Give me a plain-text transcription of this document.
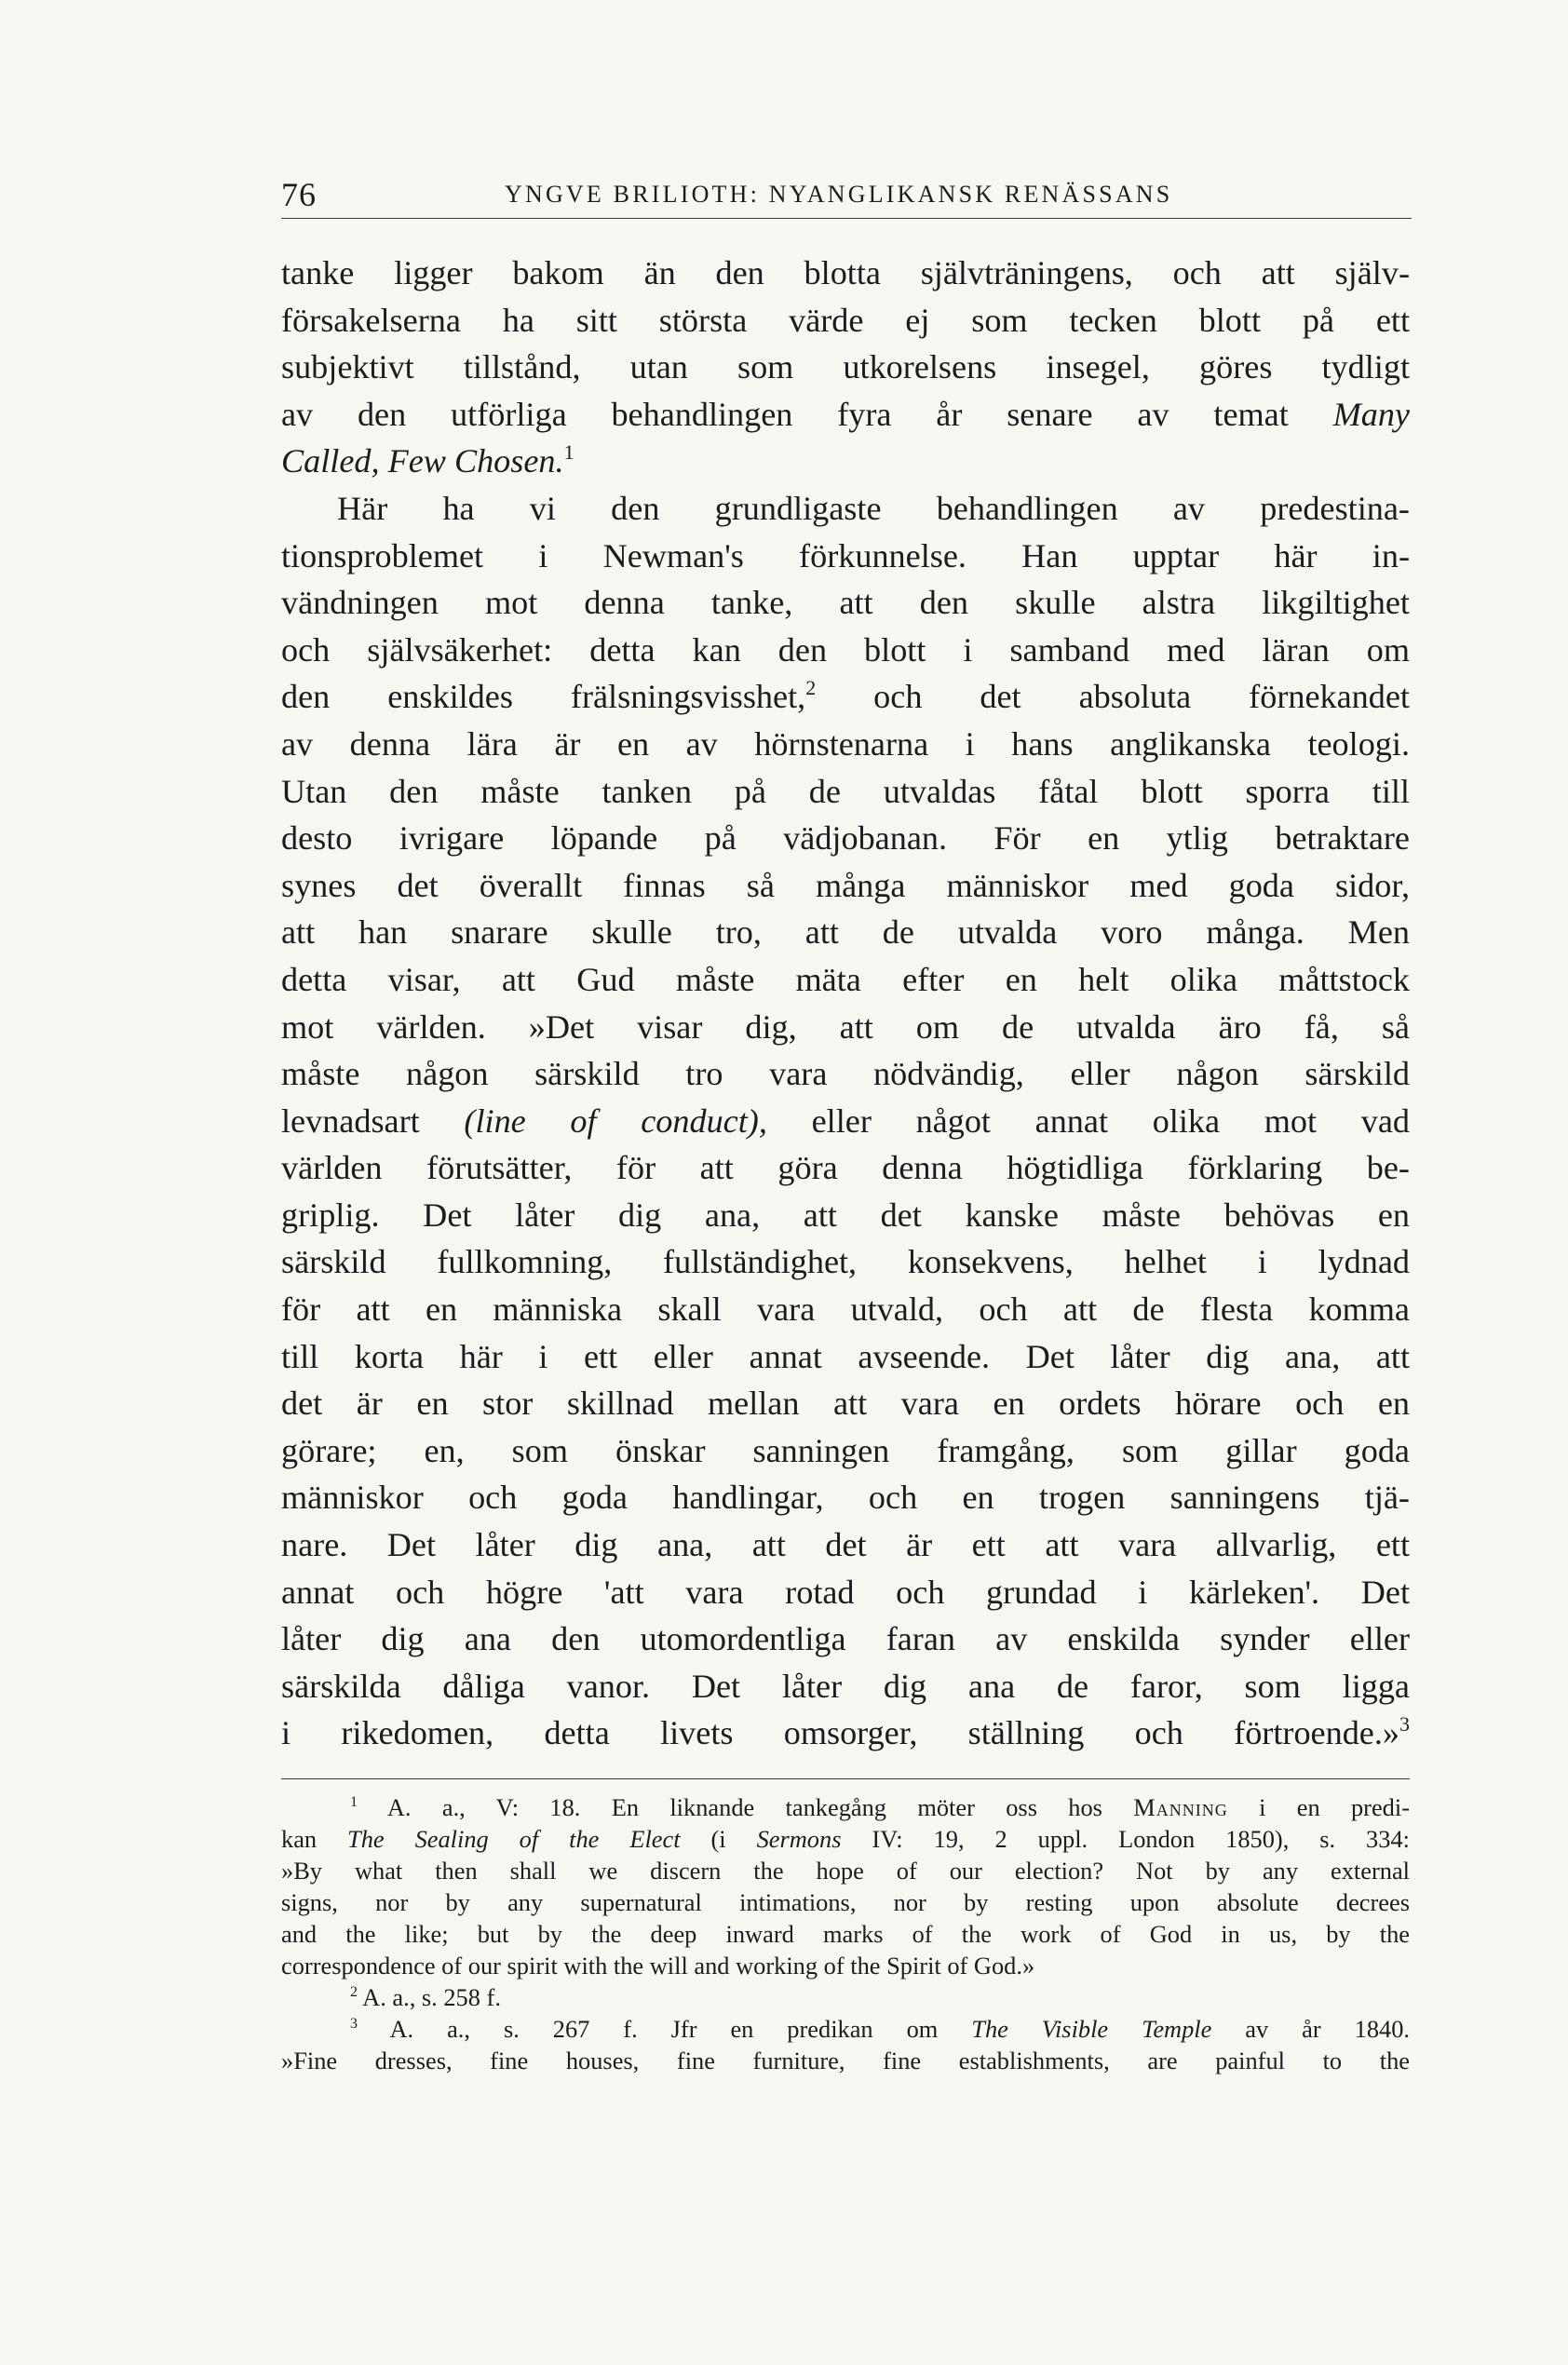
76	YNGVE BRILIOTH: NYANGLIKANSK RENÄSSANS
tanke ligger bakom än den blotta självträningens, och att själv-
försakelserna ha sitt största värde ej som tecken blott på ett
subjektivt tillstånd, utan som utkorelsens insegel, göres tydligt
av den utförliga behandlingen fyra år senare av temat Many
Called, Few Chosen.$^1$
Här ha vi den grundligaste behandlingen av predestina-
tionsproblemet i Newman's förkunnelse. Han upptar här in-
vändningen mot denna tanke, att den skulle alstra likgiltighet
och självsäkerhet: detta kan den blott i samband med läran om
den enskildes frälsningsvisshet,$^2$ och det absoluta förnekandet
av denna lära är en av hörnstenarna i hans anglikanska teologi.
Utan den måste tanken på de utvaldas fåtal blott sporra till
desto ivrigare löpande på vädjobanan. För en ytlig betraktare
synes det överallt finnas så många människor med goda sidor,
att han snarare skulle tro, att de utvalda voro många. Men
detta visar, att Gud måste mäta efter en helt olika måttstock
mot världen. »Det visar dig, att om de utvalda äro få, så
måste någon särskild tro vara nödvändig, eller någon särskild
levnadsart (line of conduct), eller något annat olika mot vad
världen förutsätter, för att göra denna högtidliga förklaring be-
griplig. Det låter dig ana, att det kanske måste behövas en
särskild fullkomning, fullständighet, konsekvens, helhet i lydnad
för att en människa skall vara utvald, och att de flesta komma
till korta här i ett eller annat avseende. Det låter dig ana, att
det är en stor skillnad mellan att vara en ordets hörare och en
görare; en, som önskar sanningen framgång, som gillar goda
människor och goda handlingar, och en trogen sanningens tjä-
nare. Det låter dig ana, att det är ett att vara allvarlig, ett
annat och högre 'att vara rotad och grundad i kärleken'. Det
låter dig ana den utomordentliga faran av enskilda synder eller
särskilda dåliga vanor. Det låter dig ana de faror, som ligga
i rikedomen, detta livets omsorger, ställning och förtroende.»$^3$
$^1$ A. a., V: 18. En liknande tankegång möter oss hos Manning i en predi-
kan The Sealing of the Elect (i Sermons IV: 19, 2 uppl. London 1850), s. 334:
»By what then shall we discern the hope of our election? Not by any external
signs, nor by any supernatural intimations, nor by resting upon absolute decrees
and the like; but by the deep inward marks of the work of God in us, by the
correspondence of our spirit with the will and working of the Spirit of God.»
$^2$ A. a., s. 258 f.
$^3$ A. a., s. 267 f. Jfr en predikan om The Visible Temple av år 1840.
»Fine dresses, fine houses, fine furniture, fine establishments, are painful to the
